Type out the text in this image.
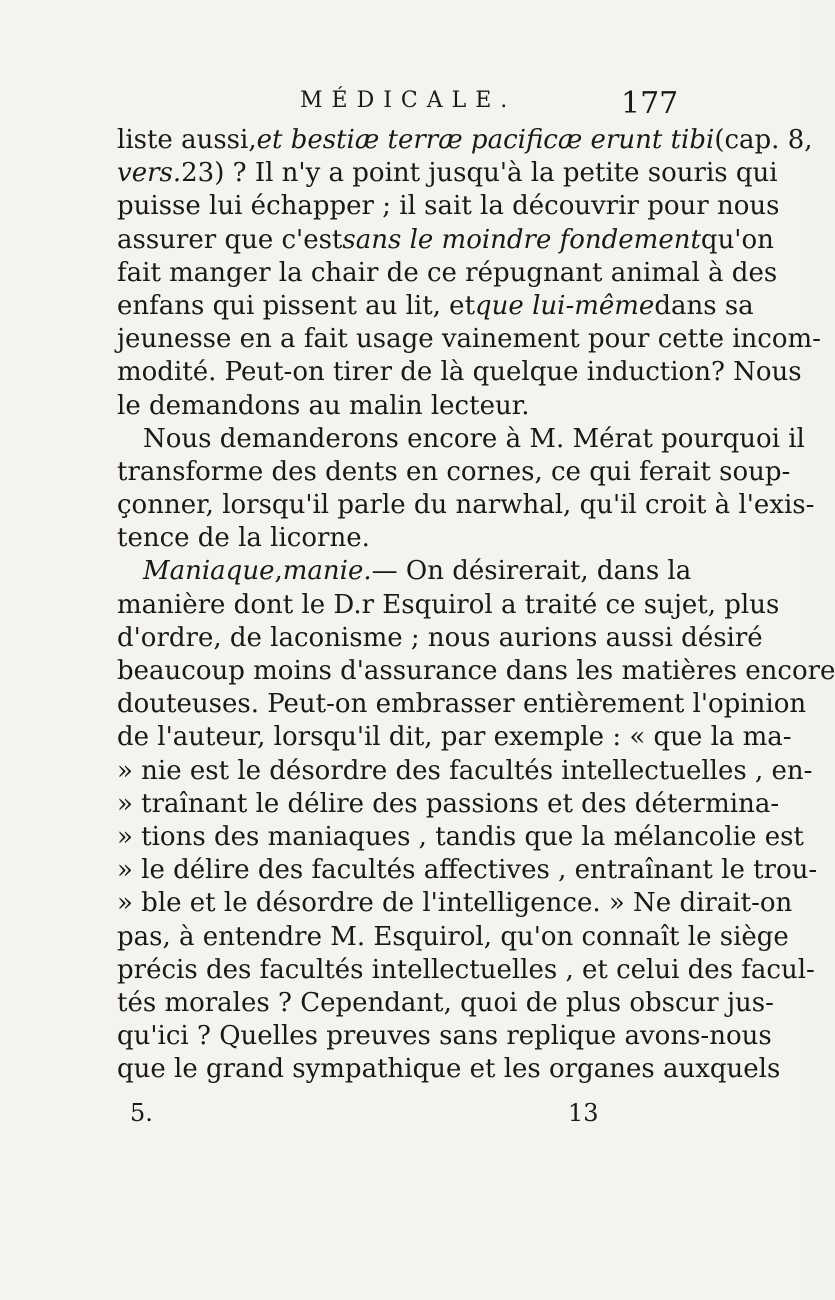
MÉDICALE.	177
liste aussi, et bestiæ terræ pacificæ erunt tibi (cap. 8,
vers. 23) ? Il n'y a point jusqu'à la petite souris qui
puisse lui échapper ; il sait la découvrir pour nous
assurer que c'est sans le moindre fondement qu'on
fait manger la chair de ce répugnant animal à des
enfans qui pissent au lit, et que lui-même dans sa
jeunesse en a fait usage vainement pour cette incom-
modité. Peut-on tirer de là quelque induction? Nous
le demandons au malin lecteur.
Nous demanderons encore à M. Mérat pourquoi il
transforme des dents en cornes, ce qui ferait soup-
çonner, lorsqu'il parle du narwhal, qu'il croit à l'exis-
tence de la licorne.
Maniaque , manie. — On désirerait, dans la
manière dont le D.r Esquirol a traité ce sujet, plus
d'ordre, de laconisme ; nous aurions aussi désiré
beaucoup moins d'assurance dans les matières encore
douteuses. Peut-on embrasser entièrement l'opinion
de l'auteur, lorsqu'il dit, par exemple : « que la ma-
» nie est le désordre des facultés intellectuelles , en-
» traînant le délire des passions et des détermina-
» tions des maniaques , tandis que la mélancolie est
» le délire des facultés affectives , entraînant le trou-
» ble et le désordre de l'intelligence. » Ne dirait-on
pas, à entendre M. Esquirol, qu'on connaît le siège
précis des facultés intellectuelles , et celui des facul-
tés morales ? Cependant, quoi de plus obscur jus-
qu'ici ? Quelles preuves sans replique avons-nous
que le grand sympathique et les organes auxquels
5.	13
